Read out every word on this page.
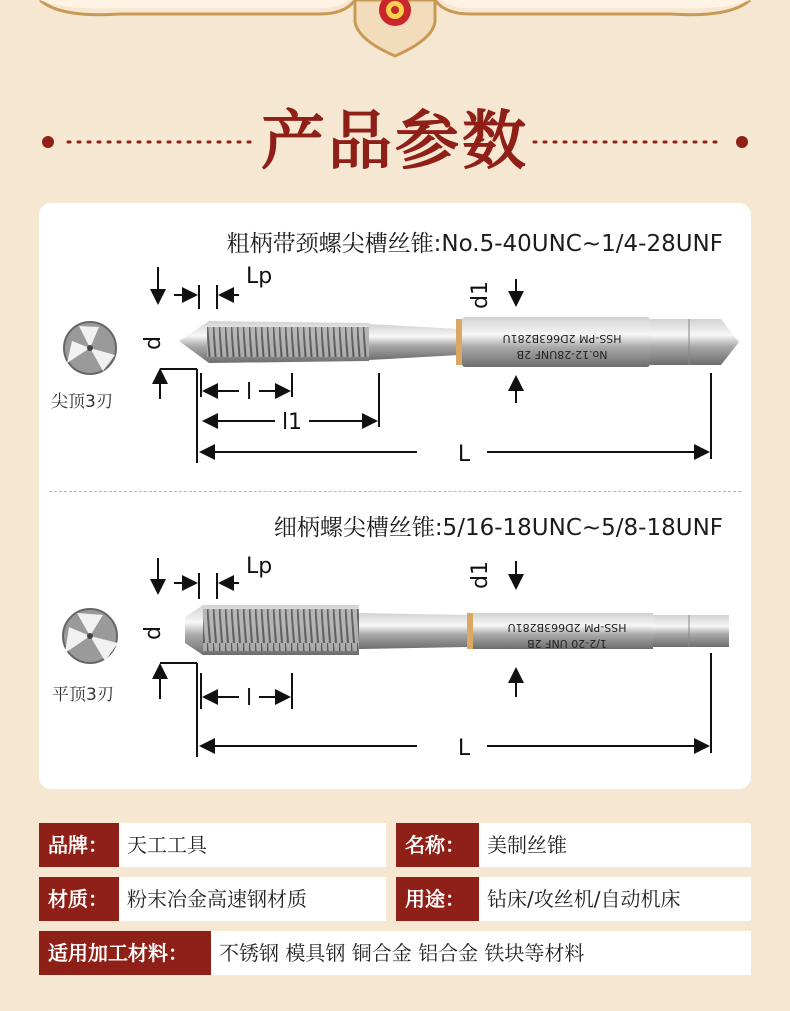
产品参数
粗柄带颈螺尖槽丝锥:No.5-40UNC~1/4-28UNF
细柄螺尖槽丝锥:5/16-18UNC~5/8-18UNF
HSS-PM 2D663B281U
No.12-28UNF 2B
Lp
d
d1
l
l1
L
HSS-PM 2D663B281U
1/2-20 UNF 2B
Lp
d
d1
l
L
尖顶3刃
平顶3刃
品牌： 天工工具	名称：	美制丝锥
材质： 粉末冶金高速钢材质	用途：	钻床/攻丝机/自动机床
适用加工材料：	不锈钢 模具钢 铜合金 铝合金 铁块等材料
